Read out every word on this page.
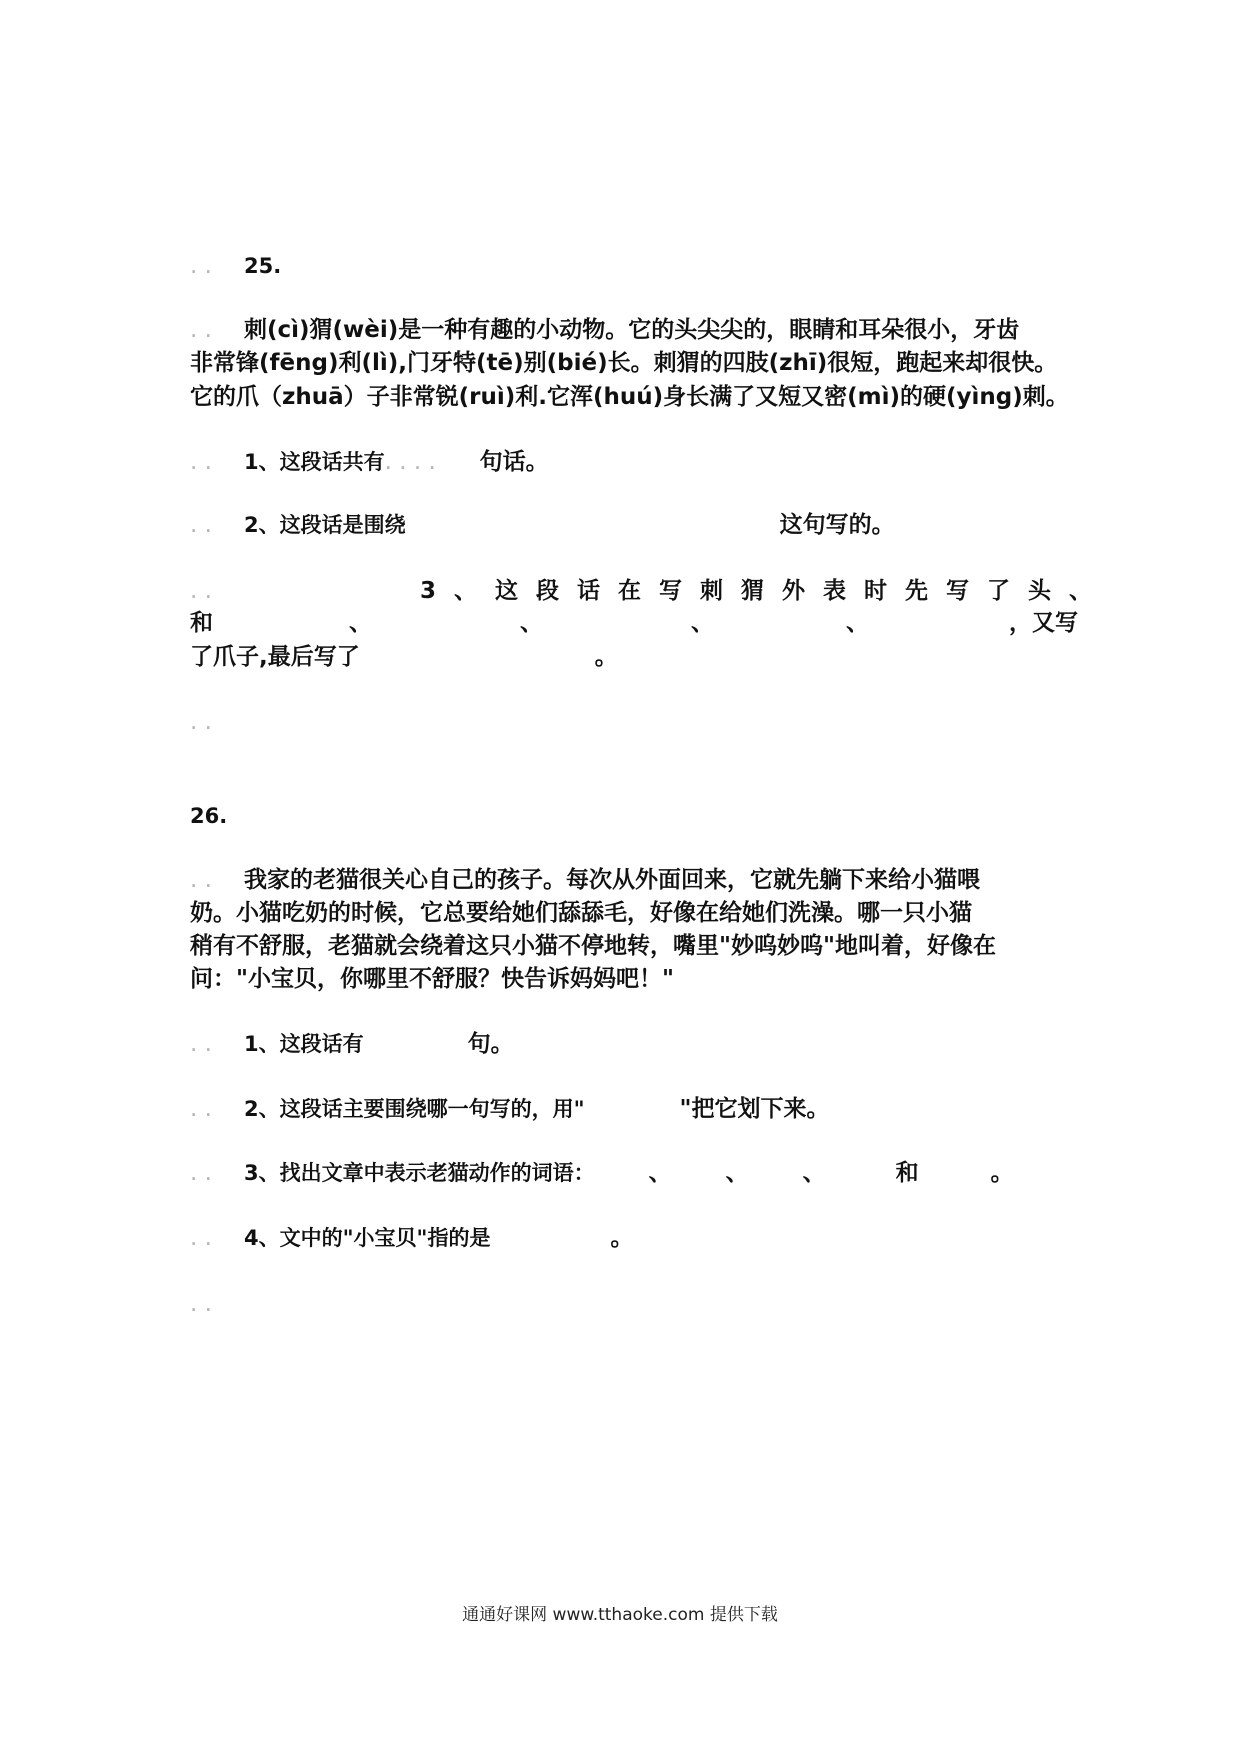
. . 25.
. . 刺(cì)猬(wèi)是一种有趣的小动物。它的头尖尖的，眼睛和耳朵很小，牙齿
非常锋(fēng)利(lì),门牙特(tē)别(bié)长。刺猬的四肢(zhī)很短，跑起来却很快。
它的爪（zhuā）子非常锐(ruì)利.它浑(huú)身长满了又短又密(mì)的硬(yìng)刺。
. . 1、这段话共有. . . . 句话。
. . 2、这段话是围绕	这句写的。
. .	3、这段话在写刺猬外表时先写了头、
和	、	、	、	、	，又写
了爪子,最后写了	。
. .
26.
. . 我家的老猫很关心自己的孩子。每次从外面回来，它就先躺下来给小猫喂
奶。小猫吃奶的时候，它总要给她们舔舔毛，好像在给她们洗澡。哪一只小猫
稍有不舒服，老猫就会绕着这只小猫不停地转，嘴里"妙呜妙呜"地叫着，好像在
问："小宝贝，你哪里不舒服？快告诉妈妈吧！"
. . 1、这段话有	句。
. . 2、这段话主要围绕哪一句写的，用"	"把它划下来。
. . 3、找出文章中表示老猫动作的词语： 、 、 、	和	。
. . 4、文中的"小宝贝"指的是	。
. .
通通好课网 www.tthaoke.com 提供下载
